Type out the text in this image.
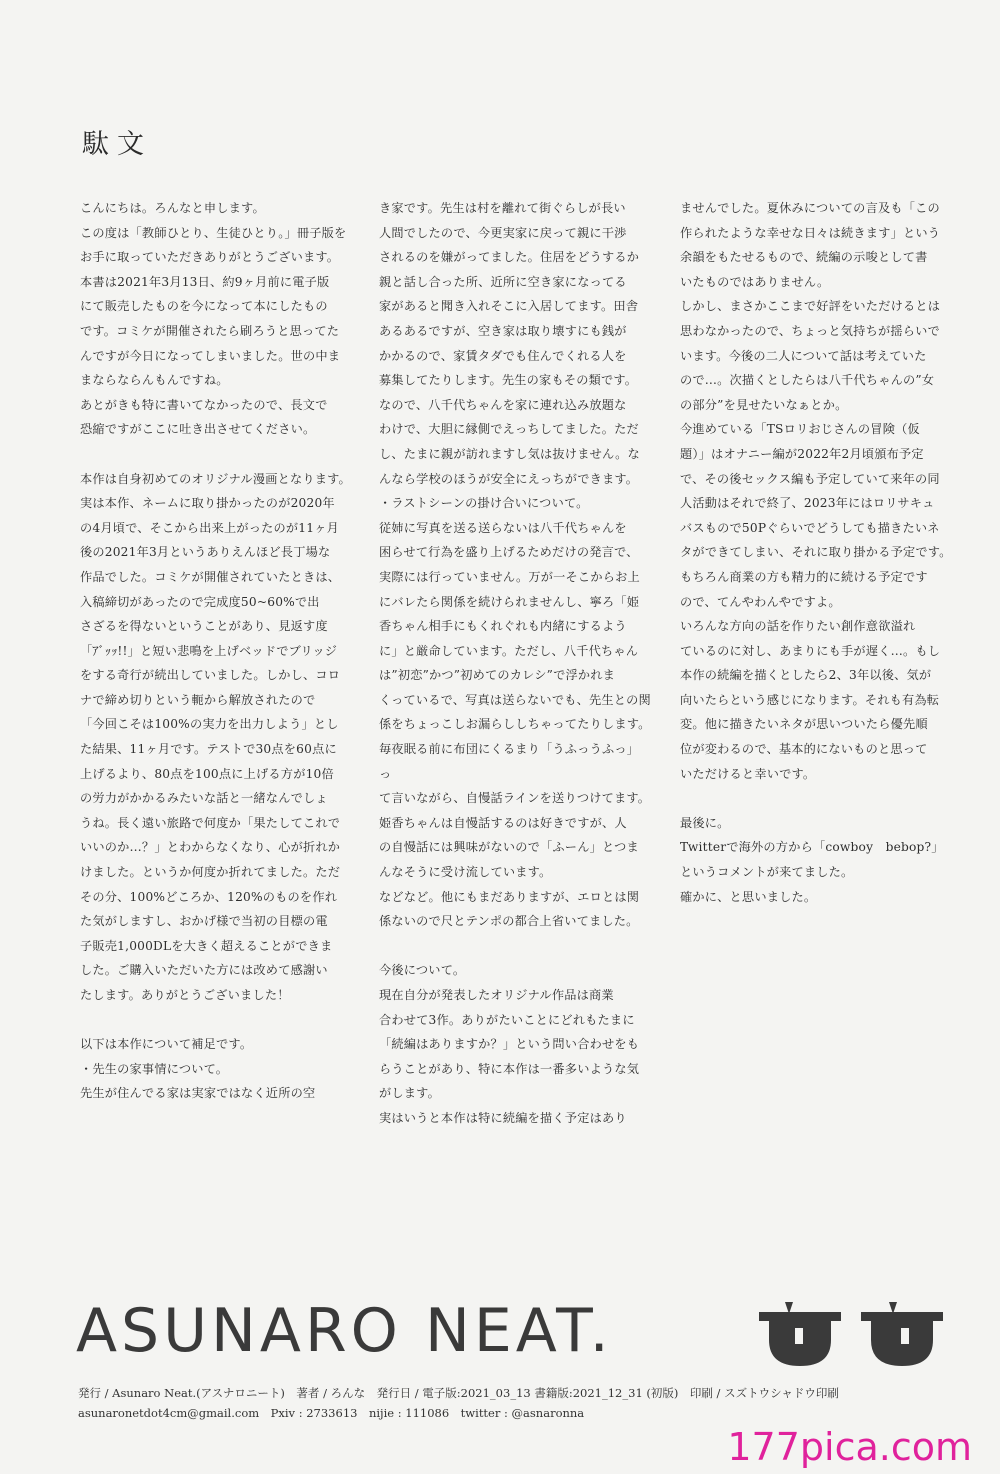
駄文

こんにちは。ろんなと申します。

この度は「教師ひとり、生徒ひとり。」冊子版を

お手に取っていただきありがとうございます。

本書は2021年3月13日、約9ヶ月前に電子版

にて販売したものを今になって本にしたもの

です。コミケが開催されたら刷ろうと思ってた

んですが今日になってしまいました。世の中ま

まならならんもんですね。

あとがきも特に書いてなかったので、長文で

恐縮ですがここに吐き出させてください。

本作は自身初めてのオリジナル漫画となります。

実は本作、ネームに取り掛かったのが2020年

の4月頃で、そこから出来上がったのが11ヶ月

後の2021年3月というありえんほど長丁場な

作品でした。コミケが開催されていたときは、

入稿締切があったので完成度50~60%で出

さざるを得ないということがあり、見返す度

「ｱﾞｯｯ!!」と短い悲鳴を上げベッドでブリッジ

をする奇行が続出していました。しかし、コロ

ナで締め切りという軛から解放されたので

「今回こそは100%の実力を出力しよう」とし

た結果、11ヶ月です。テストで30点を60点に

上げるより、80点を100点に上げる方が10倍

の労力がかかるみたいな話と一緒なんでしょ

うね。長く遠い旅路で何度か「果たしてこれで

いいのか…？」とわからなくなり、心が折れか

けました。というか何度か折れてました。ただ

その分、100%どころか、120%のものを作れ

た気がしますし、おかげ様で当初の目標の電

子販売1,000DLを大きく超えることができま

した。ご購入いただいた方には改めて感謝い

たします。ありがとうございました！

以下は本作について補足です。

・先生の家事情について。

先生が住んでる家は実家ではなく近所の空

き家です。先生は村を離れて街ぐらしが長い

人間でしたので、今更実家に戻って親に干渉

されるのを嫌がってました。住居をどうするか

親と話し合った所、近所に空き家になってる

家があると聞き入れそこに入居してます。田舎

あるあるですが、空き家は取り壊すにも銭が

かかるので、家賃タダでも住んでくれる人を

募集してたりします。先生の家もその類です。

なので、八千代ちゃんを家に連れ込み放題な

わけで、大胆に縁側でえっちしてました。ただ

し、たまに親が訪れますし気は抜けません。な

んなら学校のほうが安全にえっちができます。

・ラストシーンの掛け合いについて。

従姉に写真を送る送らないは八千代ちゃんを

困らせて行為を盛り上げるためだけの発言で、

実際には行っていません。万が一そこからお上

にバレたら関係を続けられませんし、寧ろ「姫

香ちゃん相手にもくれぐれも内緒にするよう

に」と厳命しています。ただし、八千代ちゃん

は”初恋”かつ”初めてのカレシ”で浮かれま

くっているで、写真は送らないでも、先生との関

係をちょっこしお漏らししちゃってたりします。

毎夜眠る前に布団にくるまり「うふっうふっ」っ

て言いながら、自慢話ラインを送りつけてます。

姫香ちゃんは自慢話するのは好きですが、人

の自慢話には興味がないので「ふーん」とつま

んなそうに受け流しています。

などなど。他にもまだありますが、エロとは関

係ないので尺とテンポの都合上省いてました。

今後について。

現在自分が発表したオリジナル作品は商業

合わせて3作。ありがたいことにどれもたまに

「続編はありますか？」という問い合わせをも

らうことがあり、特に本作は一番多いような気

がします。

実はいうと本作は特に続編を描く予定はあり

ませんでした。夏休みについての言及も「この

作られたような幸せな日々は続きます」という

余韻をもたせるもので、続編の示唆として書

いたものではありません。

しかし、まさかここまで好評をいただけるとは

思わなかったので、ちょっと気持ちが揺らいで

います。今後の二人について話は考えていた

ので…。次描くとしたらは八千代ちゃんの”女

の部分”を見せたいなぁとか。

今進めている「TSロリおじさんの冒険（仮

題）」はオナニー編が2022年2月頃頒布予定

で、その後セックス編も予定していて来年の同

人活動はそれで終了、2023年にはロリサキュ

バスもので50Pぐらいでどうしても描きたいネ

タができてしまい、それに取り掛かる予定です。

もちろん商業の方も精力的に続ける予定です

ので、てんやわんやですよ。

いろんな方向の話を作りたい創作意欲溢れ

ているのに対し、あまりにも手が遅く…。もし

本作の続編を描くとしたら2、3年以後、気が

向いたらという感じになります。それも有為転

変。他に描きたいネタが思いついたら優先順

位が変わるので、基本的にないものと思って

いただけると幸いです。

最後に。

Twitterで海外の方から「cowboy　bebop?」

というコメントが来てました。

確かに、と思いました。

ASUNARO NEAT.
発行 / Asunaro Neat.(アスナロニート)　著者 / ろんな　発行日 / 電子版:2021_03_13 書籍版:2021_12_31 (初版)　印刷 / スズトウシャドウ印刷
asunaronetdot4cm@gmail.com　Pxiv : 2733613　nijie : 111086　twitter : @asnaronna
177pica.com
